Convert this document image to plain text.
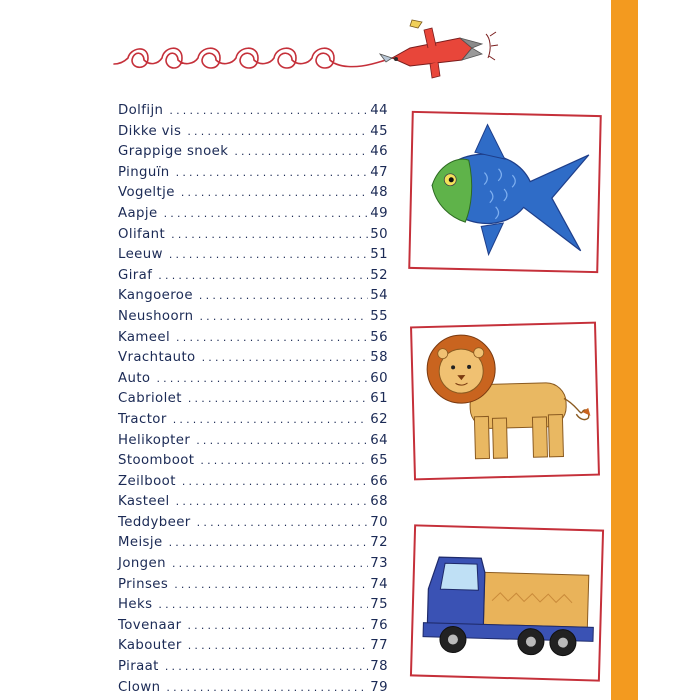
Dolfijn .....	44
Dikke vis .....	45
Grappige snoek .....	46
Pinguïn .....	47
Vogeltje .....	48
Aapje .....	49
Olifant .....	50
Leeuw .....	51
Giraf .....	52
Kangoeroe .....	54
Neushoorn .....	55
Kameel .....	56
Vrachtauto .....	58
Auto .....	60
Cabriolet .....	61
Tractor .....	62
Helikopter .....	64
Stoomboot .....	65
Zeilboot .....	66
Kasteel .....	68
Teddybeer .....	70
Meisje .....	72
Jongen .....	73
Prinses .....	74
Heks .....	75
Tovenaar .....	76
Kabouter .....	77
Piraat .....	78
Clown .....	79
